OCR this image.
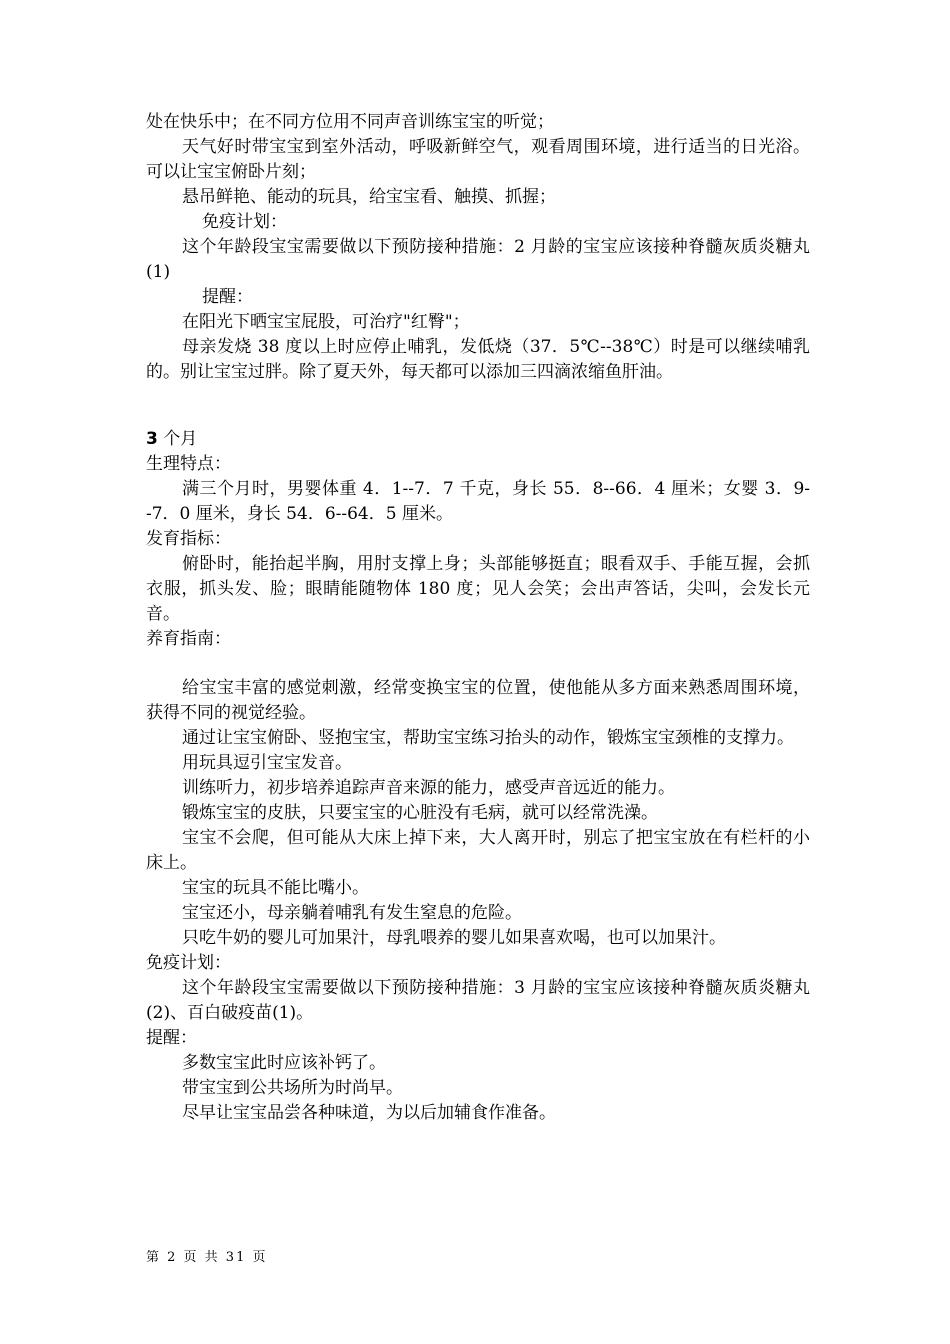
处在快乐中；在不同方位用不同声音训练宝宝的听觉；

天气好时带宝宝到室外活动，呼吸新鲜空气，观看周围环境，进行适当的日光浴。可以让宝宝俯卧片刻；

悬吊鲜艳、能动的玩具，给宝宝看、触摸、抓握；

免疫计划：

这个年龄段宝宝需要做以下预防接种措施：2 月龄的宝宝应该接种脊髓灰质炎糖丸(1)

提醒：

在阳光下晒宝宝屁股，可治疗"红臀"；

母亲发烧 38 度以上时应停止哺乳，发低烧（37．5℃--38℃）时是可以继续哺乳的。别让宝宝过胖。除了夏天外，每天都可以添加三四滴浓缩鱼肝油。

3 个月

生理特点：

满三个月时，男婴体重 4．1--7．7 千克，身长 55．8--66．4 厘米；女婴 3．9--7．0 厘米，身长 54．6--64．5 厘米。

发育指标：

俯卧时，能抬起半胸，用肘支撑上身；头部能够挺直；眼看双手、手能互握，会抓衣服，抓头发、脸；眼睛能随物体 180 度；见人会笑；会出声答话，尖叫，会发长元音。

养育指南：

给宝宝丰富的感觉刺激，经常变换宝宝的位置，使他能从多方面来熟悉周围环境，获得不同的视觉经验。

通过让宝宝俯卧、竖抱宝宝，帮助宝宝练习抬头的动作，锻炼宝宝颈椎的支撑力。

用玩具逗引宝宝发音。

训练听力，初步培养追踪声音来源的能力，感受声音远近的能力。

锻炼宝宝的皮肤，只要宝宝的心脏没有毛病，就可以经常洗澡。

宝宝不会爬，但可能从大床上掉下来，大人离开时，别忘了把宝宝放在有栏杆的小床上。

宝宝的玩具不能比嘴小。

宝宝还小，母亲躺着哺乳有发生窒息的危险。

只吃牛奶的婴儿可加果汁，母乳喂养的婴儿如果喜欢喝，也可以加果汁。

免疫计划：

这个年龄段宝宝需要做以下预防接种措施：3 月龄的宝宝应该接种脊髓灰质炎糖丸(2)、百白破疫苗(1)。

提醒：

多数宝宝此时应该补钙了。

带宝宝到公共场所为时尚早。

尽早让宝宝品尝各种味道，为以后加辅食作准备。

第 2 页 共 31 页
